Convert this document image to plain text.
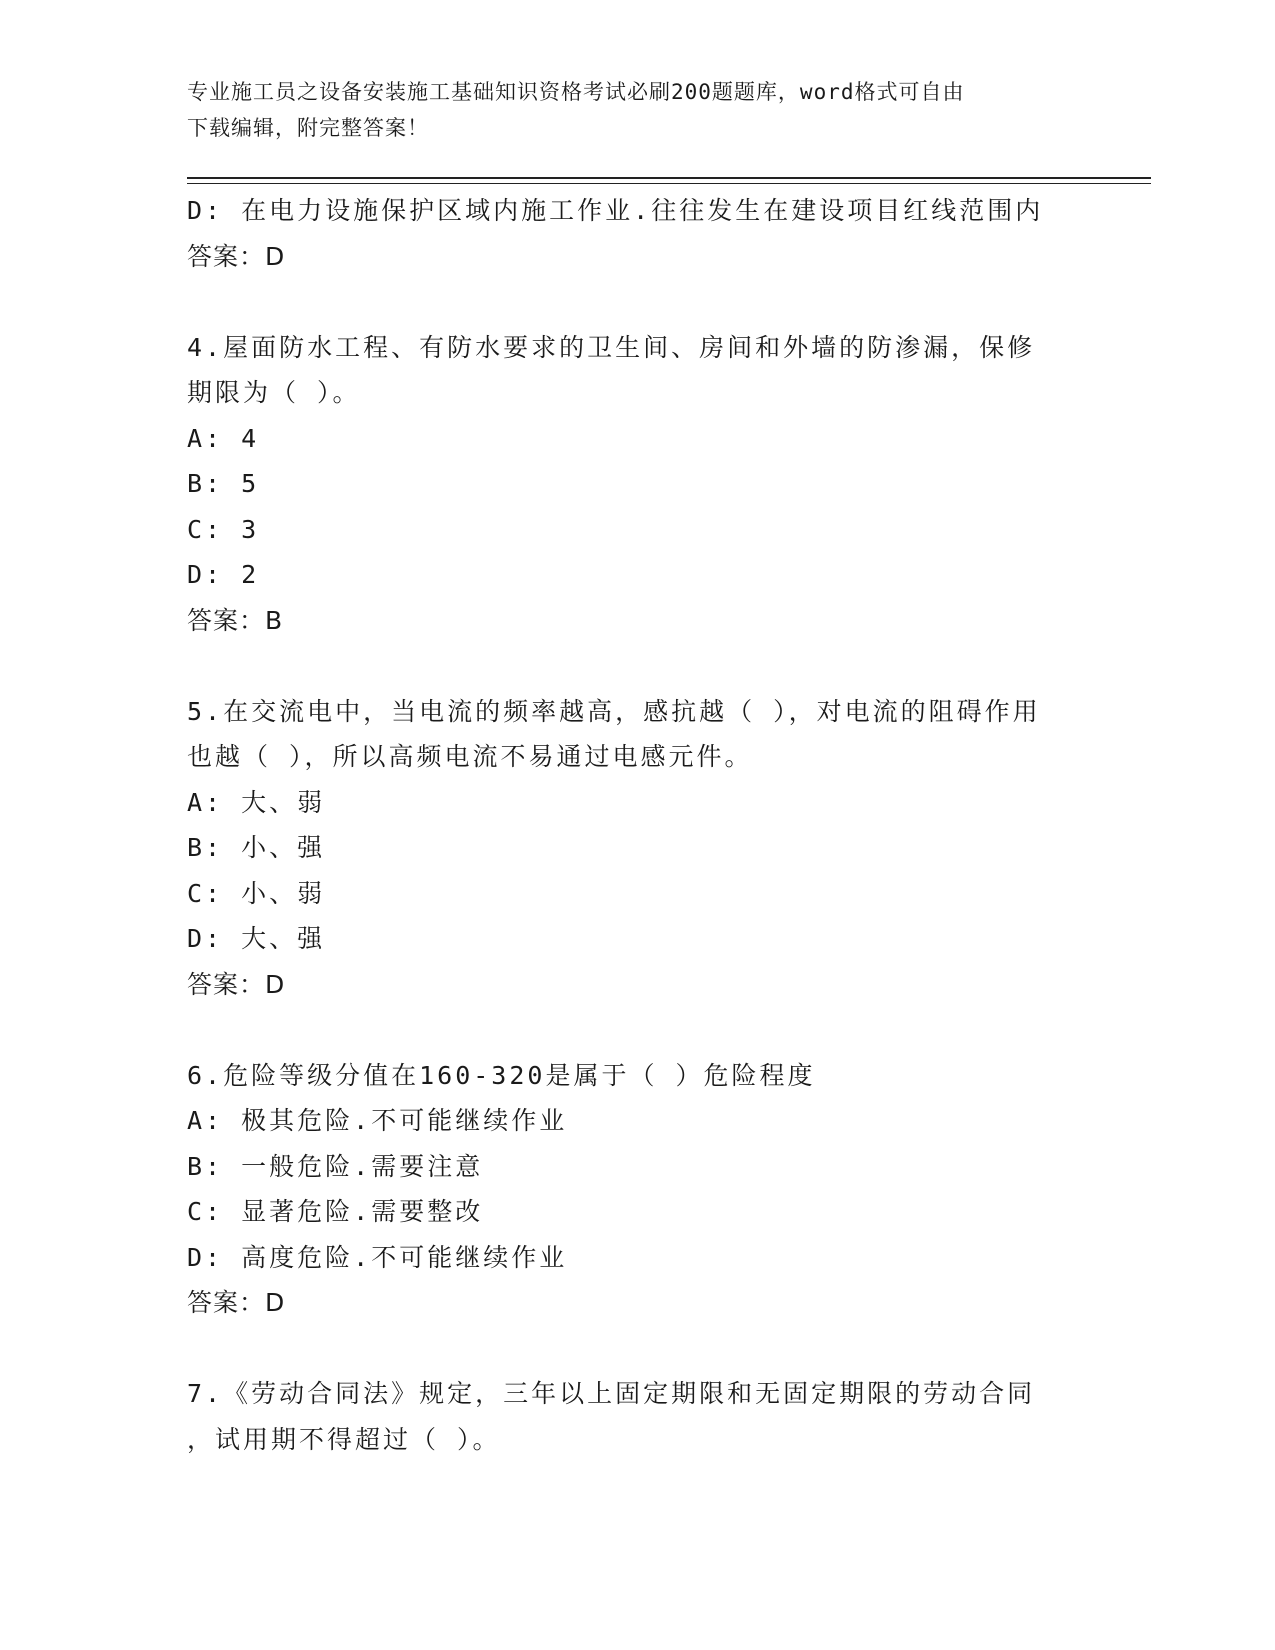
专业施工员之设备安装施工基础知识资格考试必刷200题题库，word格式可自由
下载编辑，附完整答案！
D: 在电力设施保护区域内施工作业.往往发生在建设项目红线范围内
答案：D
4.屋面防水工程、有防水要求的卫生间、房间和外墙的防渗漏，保修
期限为（ ）。
A: 4
B: 5
C: 3
D: 2
答案：B
5.在交流电中，当电流的频率越高，感抗越（ ），对电流的阻碍作用
也越（ ），所以高频电流不易通过电感元件。
A: 大、弱
B: 小、强
C: 小、弱
D: 大、强
答案：D
6.危险等级分值在160-320是属于（ ）危险程度
A: 极其危险.不可能继续作业
B: 一般危险.需要注意
C: 显著危险.需要整改
D: 高度危险.不可能继续作业
答案：D
7.《劳动合同法》规定，三年以上固定期限和无固定期限的劳动合同
，试用期不得超过（ ）。
